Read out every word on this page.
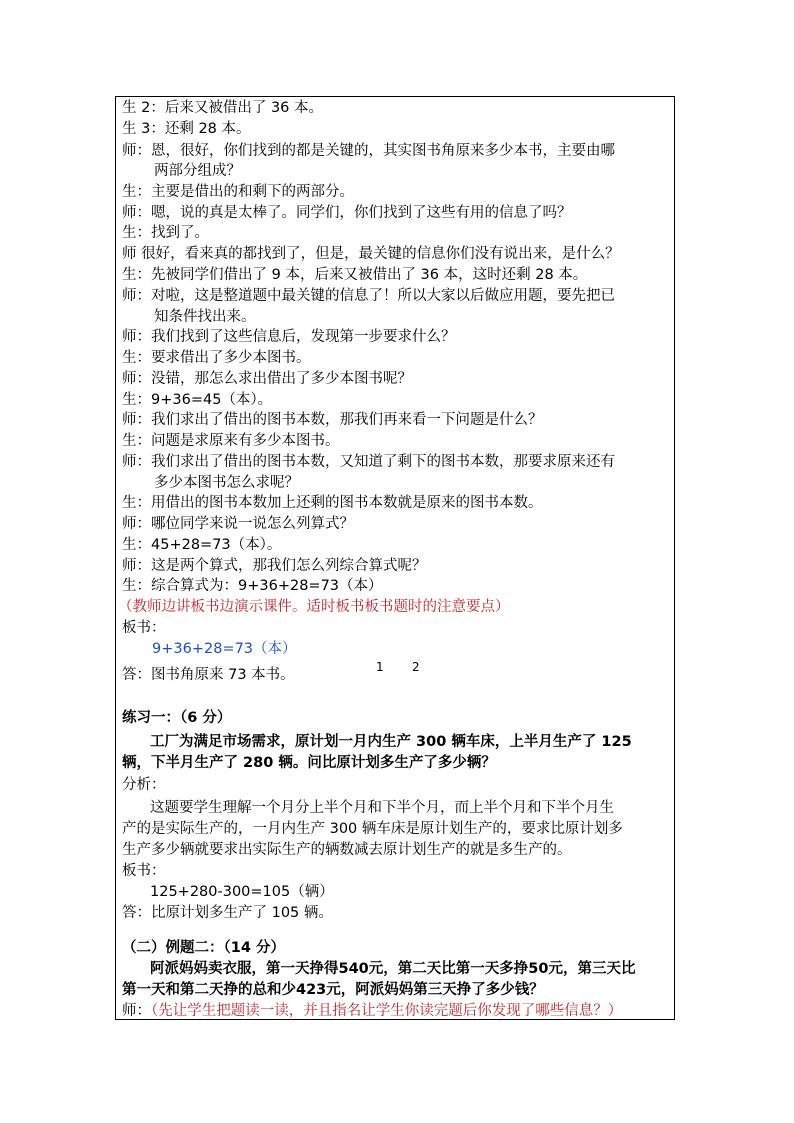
生 2：后来又被借出了 36 本。
生 3：还剩 28 本。
师：恩，很好，你们找到的都是关键的，其实图书角原来多少本书，主要由哪
两部分组成？
生：主要是借出的和剩下的两部分。
师：嗯，说的真是太棒了。同学们，你们找到了这些有用的信息了吗？
生：找到了。
师 很好，看来真的都找到了，但是，最关键的信息你们没有说出来，是什么？
生：先被同学们借出了 9 本，后来又被借出了 36 本，这时还剩 28 本。
师：对啦，这是整道题中最关键的信息了！所以大家以后做应用题，要先把已
知条件找出来。
师：我们找到了这些信息后，发现第一步要求什么？
生：要求借出了多少本图书。
师：没错，那怎么求出借出了多少本图书呢？
生：9+36=45（本）。
师：我们求出了借出的图书本数，那我们再来看一下问题是什么？
生：问题是求原来有多少本图书。
师：我们求出了借出的图书本数，又知道了剩下的图书本数，那要求原来还有
多少本图书怎么求呢？
生：用借出的图书本数加上还剩的图书本数就是原来的图书本数。
师：哪位同学来说一说怎么列算式？
生：45+28=73（本）。
师：这是两个算式，那我们怎么列综合算式呢？
生：综合算式为：9+36+28=73（本）
（教师边讲板书边演示课件。适时板书板书题时的注意要点）
板书：
9+36+28=73（本）
答：图书角原来 73 本书。
练习一：（6 分）
工厂为满足市场需求，原计划一月内生产 300 辆车床，上半月生产了 125
辆，下半月生产了 280 辆。问比原计划多生产了多少辆？
分析：
这题要学生理解一个月分上半个月和下半个月，而上半个月和下半个月生
产的是实际生产的，一月内生产 300 辆车床是原计划生产的，要求比原计划多
生产多少辆就要求出实际生产的辆数减去原计划生产的就是多生产的。
板书：
125+280-300=105（辆）
答：比原计划多生产了 105 辆。
（二）例题二：（14 分）
阿派妈妈卖衣服，第一天挣得540元，第二天比第一天多挣50元，第三天比
第一天和第二天挣的总和少423元，阿派妈妈第三天挣了多少钱？
师：（先让学生把题读一读，并且指名让学生你读完题后你发现了哪些信息？）
1 2
